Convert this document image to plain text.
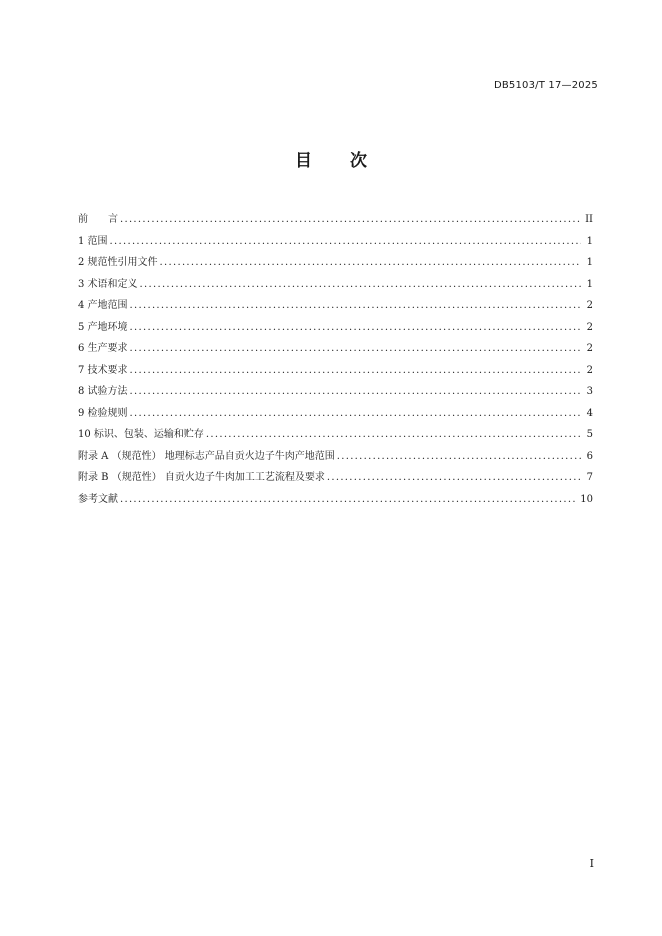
DB5103/T 17—2025
目 次
前　　言 .....	II
1 范围 .....	1
2 规范性引用文件 .....	1
3 术语和定义 .....	1
4 产地范围 .....	2
5 产地环境 .....	2
6 生产要求 .....	2
7 技术要求 .....	2
8 试验方法 .....	3
9 检验规则 .....	4
10 标识、包装、运输和贮存 .....	5
附录 A （规范性） 地理标志产品自贡火边子牛肉产地范围 .....	6
附录 B （规范性） 自贡火边子牛肉加工工艺流程及要求 .....	7
参考文献 .....	10
I
